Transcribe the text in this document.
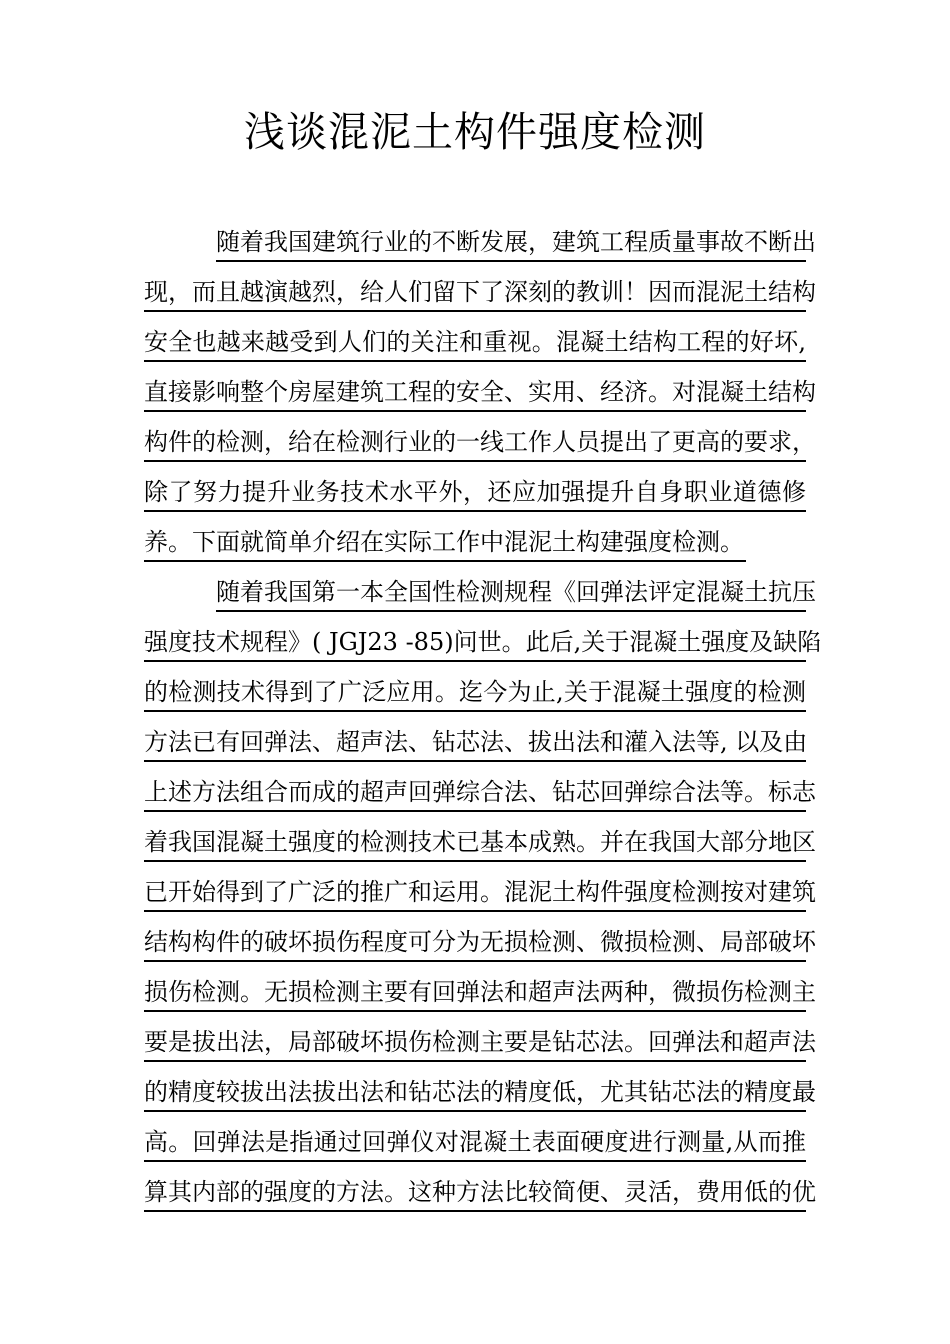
浅谈混泥土构件强度检测
随着我国建筑行业的不断发展，建筑工程质量事故不断出
现，而且越演越烈，给人们留下了深刻的教训！因而混泥土结构
安全也越来越受到人们的关注和重视。混凝土结构工程的好坏,
直接影响整个房屋建筑工程的安全、实用、经济。对混凝土结构
构件的检测，给在检测行业的一线工作人员提出了更高的要求，
除了努力提升业务技术水平外，还应加强提升自身职业道德修
养。下面就简单介绍在实际工作中混泥土构建强度检测。
随着我国第一本全国性检测规程《回弹法评定混凝土抗压
强度技术规程》( JGJ23 -85)问世。此后,关于混凝土强度及缺陷
的检测技术得到了广泛应用。迄今为止,关于混凝土强度的检测
方法已有回弹法、超声法、钻芯法、拔出法和灌入法等, 以及由
上述方法组合而成的超声回弹综合法、钻芯回弹综合法等。标志
着我国混凝土强度的检测技术已基本成熟。并在我国大部分地区
已开始得到了广泛的推广和运用。混泥土构件强度检测按对建筑
结构构件的破坏损伤程度可分为无损检测、微损检测、局部破坏
损伤检测。无损检测主要有回弹法和超声法两种，微损伤检测主
要是拔出法，局部破坏损伤检测主要是钻芯法。回弹法和超声法
的精度较拔出法拔出法和钻芯法的精度低，尤其钻芯法的精度最
高。回弹法是指通过回弹仪对混凝土表面硬度进行测量,从而推
算其内部的强度的方法。这种方法比较简便、灵活，费用低的优
